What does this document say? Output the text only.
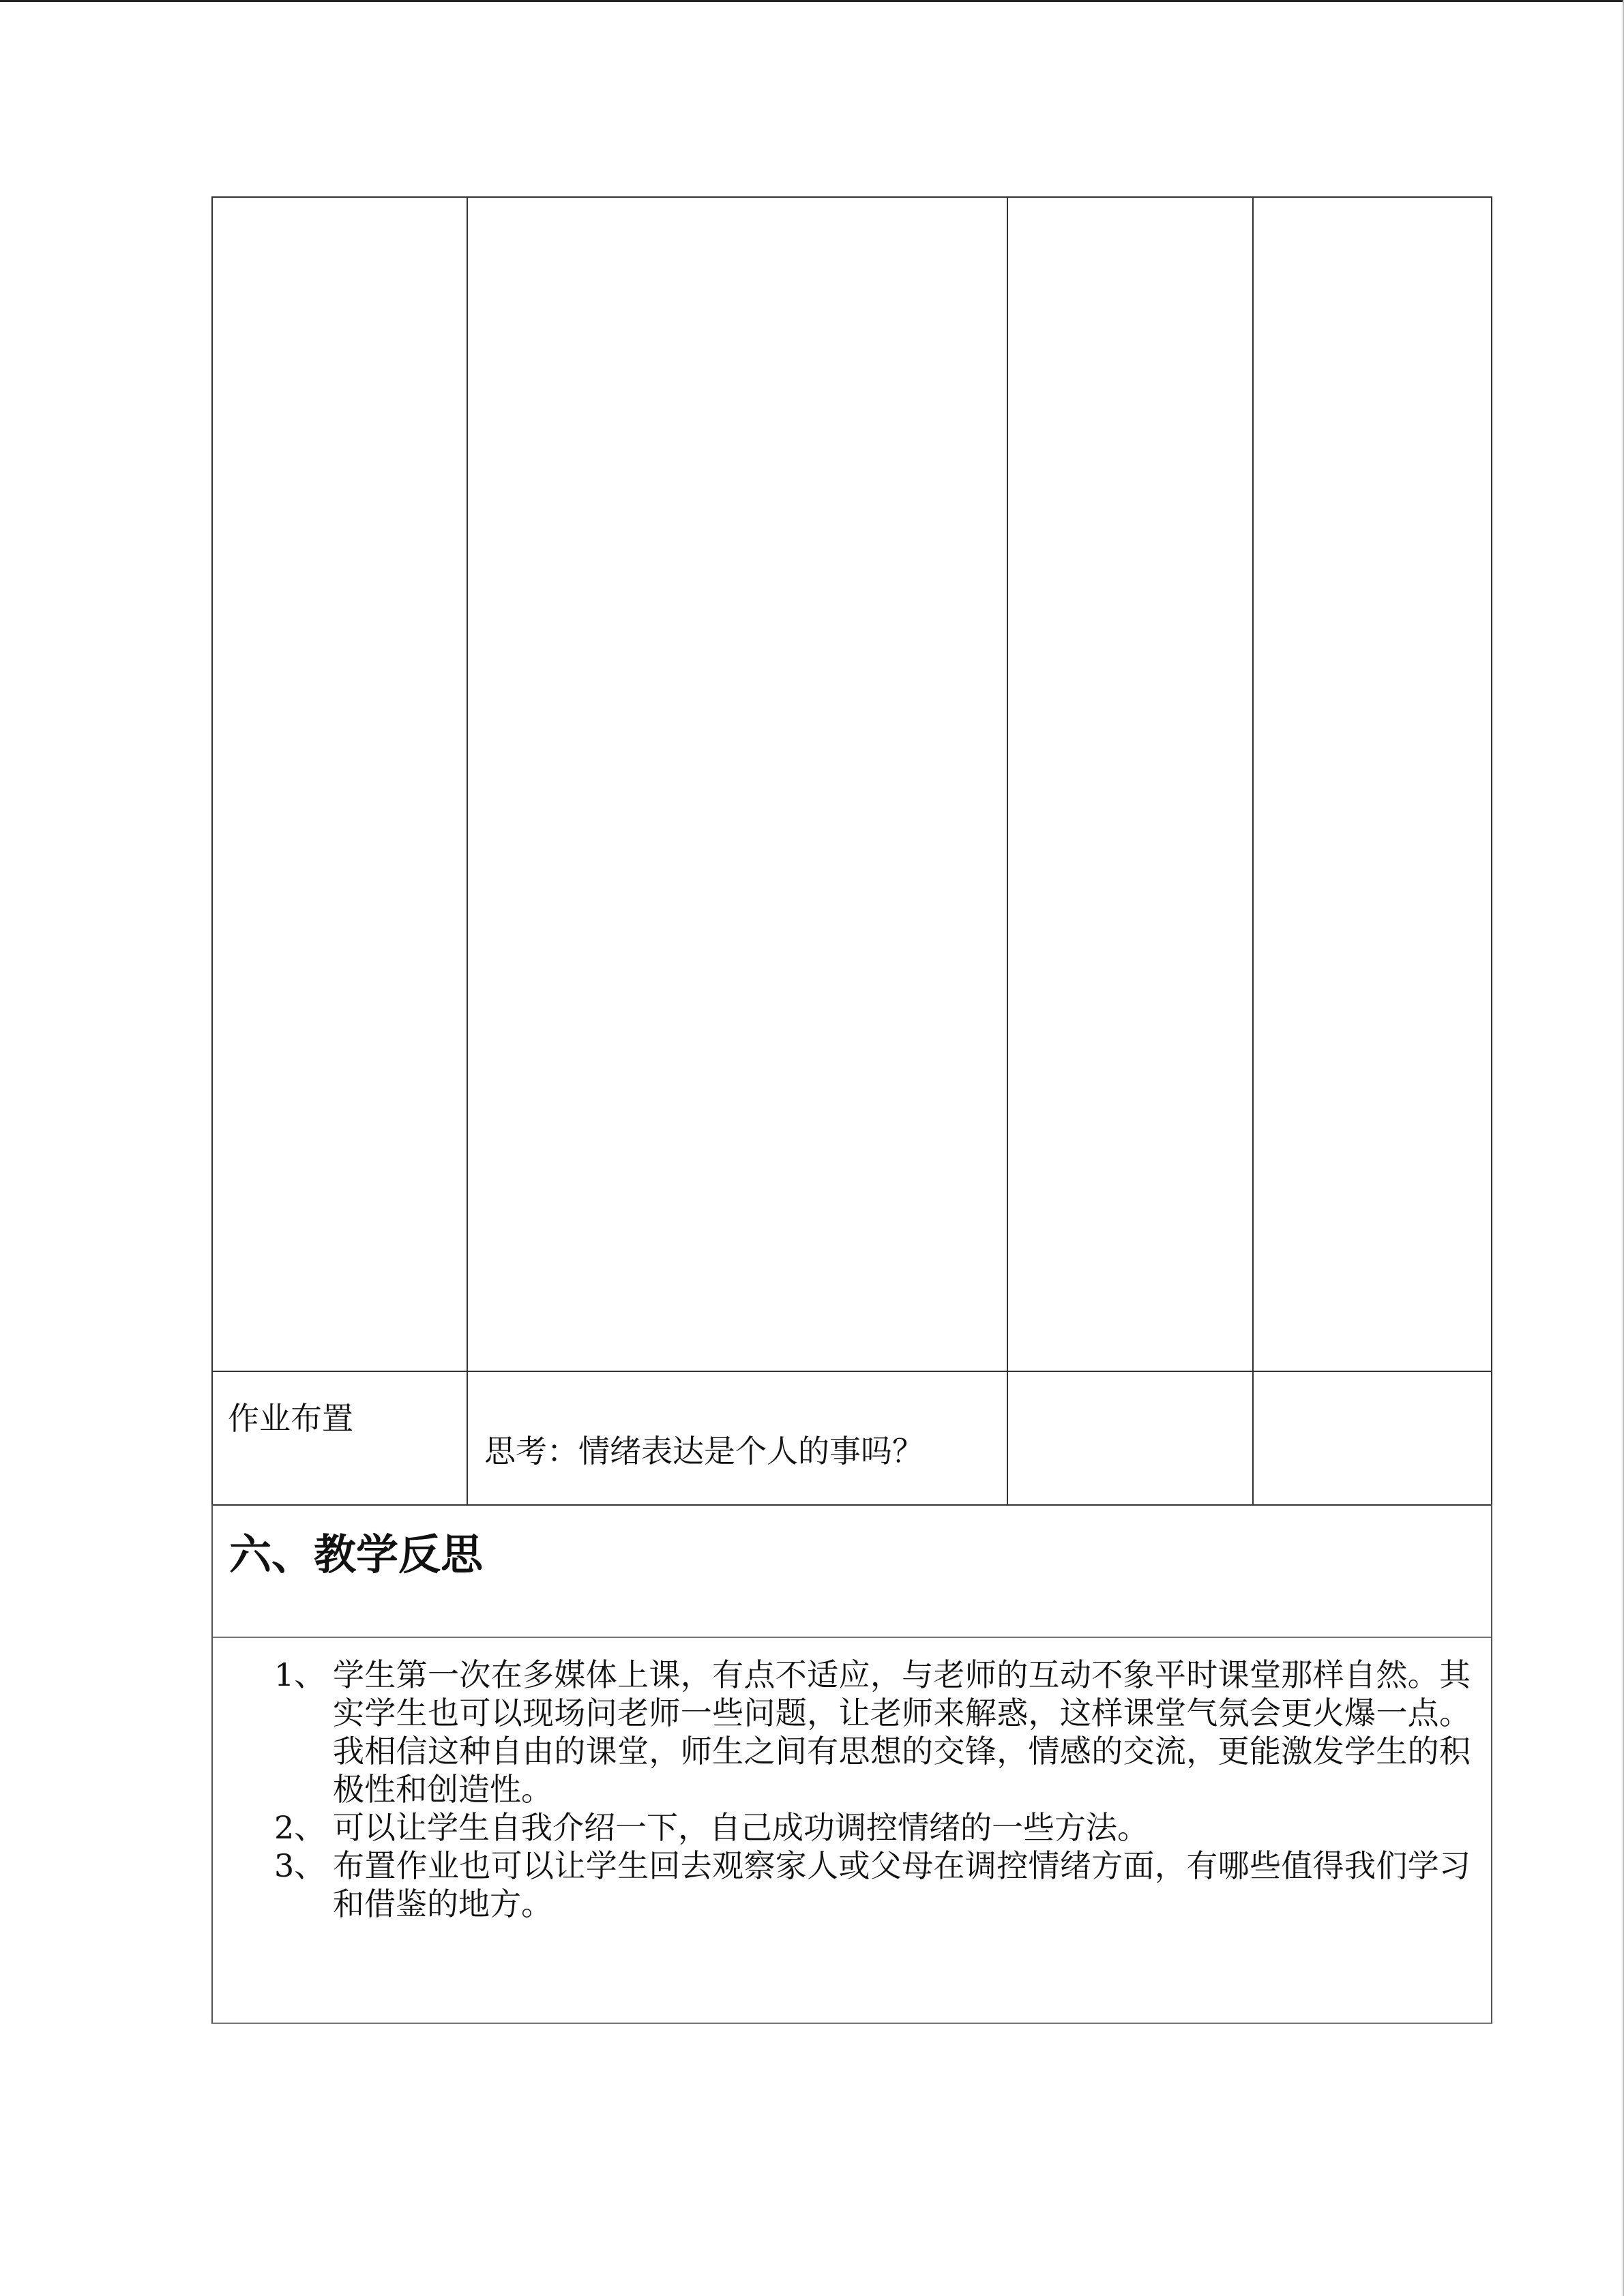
作业布置	思考：情绪表达是个人的事吗？		

六、教学反思
1、 学生第一次在多媒体上课，有点不适应，与老师的互动不象平时课堂那样自然。其实学生也可以现场问老师一些问题，让老师来解惑，这样课堂气氛会更火爆一点。我相信这种自由的课堂，师生之间有思想的交锋，情感的交流，更能激发学生的积极性和创造性。
2、 可以让学生自我介绍一下，自己成功调控情绪的一些方法。
3、 布置作业也可以让学生回去观察家人或父母在调控情绪方面，有哪些值得我们学习和借鉴的地方。
